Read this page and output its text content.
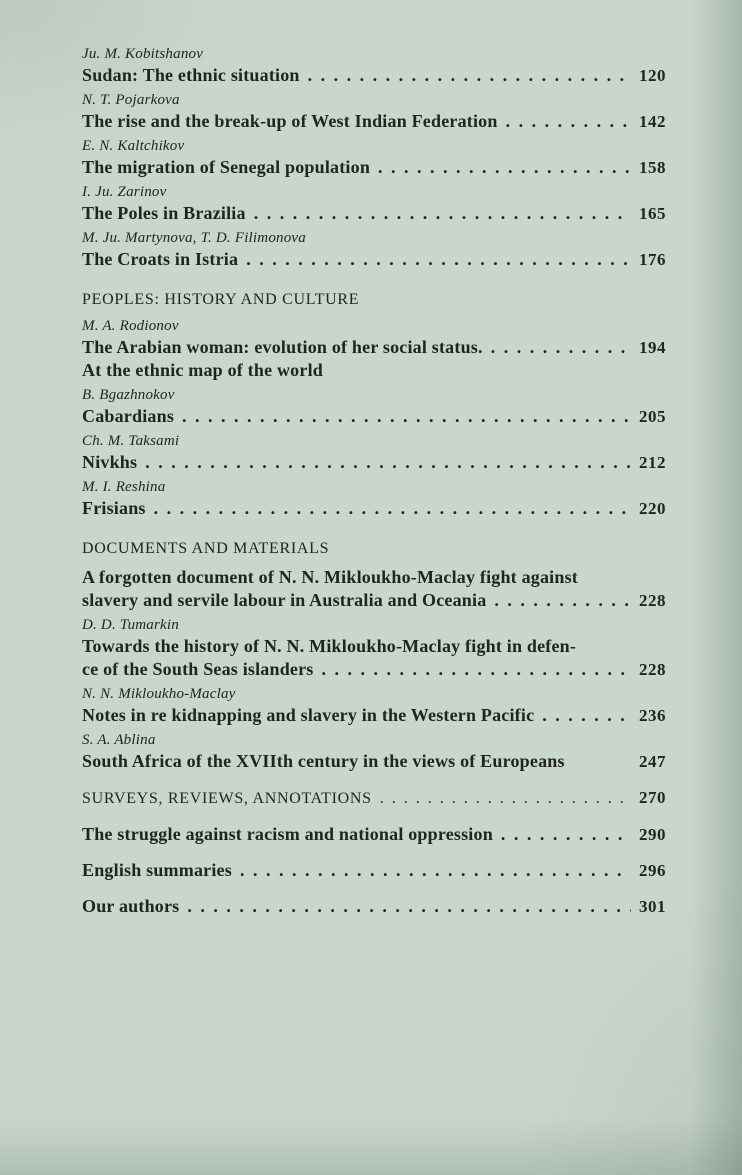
Ju. M. Kobitshanov
Sudan: The ethnic situation . . .	120
N. T. Pojarkova
The rise and the break-up of West Indian Federation . . .	142
E. N. Kaltchikov
The migration of Senegal population . . .	158
I. Ju. Zarinov
The Poles in Brazilia . . .	165
M. Ju. Martynova, T. D. Filimonova
The Croats in Istria . . .	176
PEOPLES: HISTORY AND CULTURE
M. A. Rodionov
The Arabian woman: evolution of her social status. . . .	194
At the ethnic map of the world
B. Bgazhnokov
Cabardians . . .	205
Ch. M. Taksami
Nivkhs . . .	212
M. I. Reshina
Frisians . . .	220
DOCUMENTS AND MATERIALS
A forgotten document of N. N. Mikloukho-Maclay fight against
slavery and servile labour in Australia and Oceania . . .	228
D. D. Tumarkin
Towards the history of N. N. Mikloukho-Maclay fight in defen-
ce of the South Seas islanders . . .	228
N. N. Mikloukho-Maclay
Notes in re kidnapping and slavery in the Western Pacific . . .	236
S. A. Ablina
South Africa of the XVIIth century in the views of Europeans	247
SURVEYS, REVIEWS, ANNOTATIONS . . .	270
The struggle against racism and national oppression . . .	290
English summaries . . .	296
Our authors . . .	301
